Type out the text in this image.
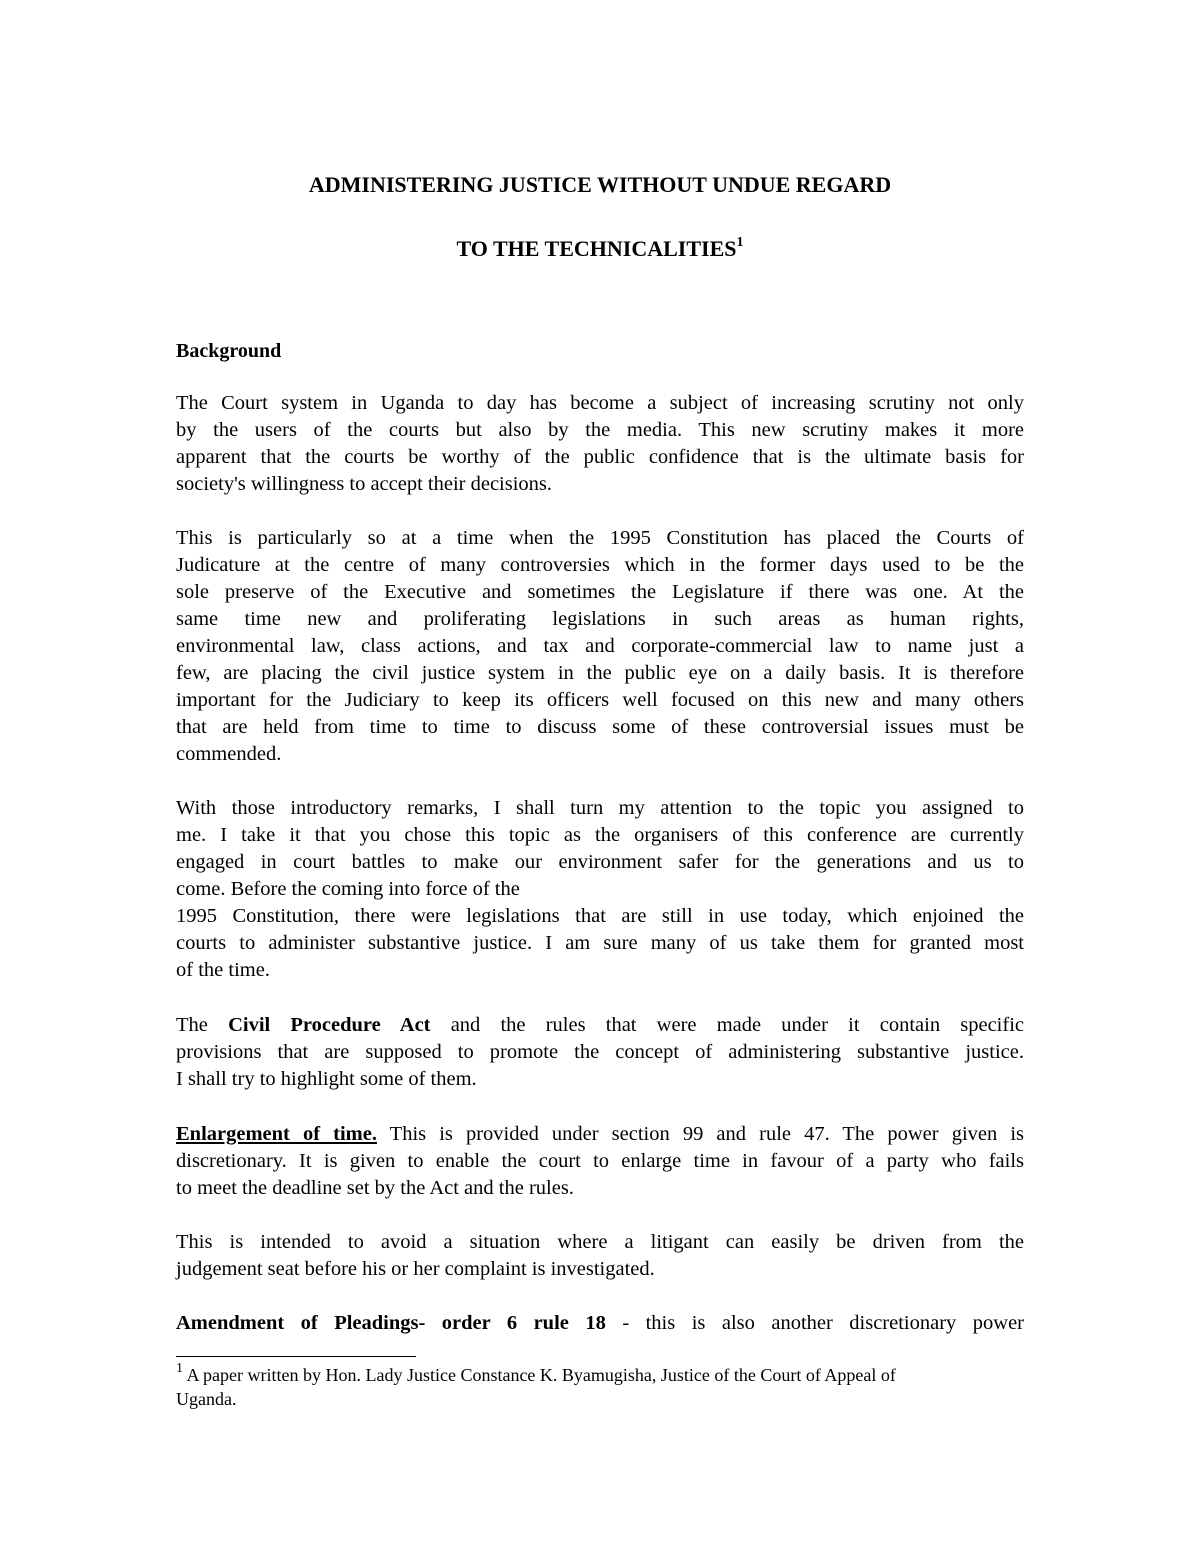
ADMINISTERING JUSTICE WITHOUT UNDUE REGARD
TO THE TECHNICALITIES$^1$
Background
The Court system in Uganda to day has become a subject of increasing scrutiny not only
by the users of the courts but also by the media. This new scrutiny makes it more
apparent that the courts be worthy of the public confidence that is the ultimate basis for
society's willingness to accept their decisions.
This is particularly so at a time when the 1995 Constitution has placed the Courts of
Judicature at the centre of many controversies which in the former days used to be the
sole preserve of the Executive and sometimes the Legislature if there was one. At the
same time new and proliferating legislations in such areas as human rights,
environmental law, class actions, and tax and corporate-commercial law to name just a
few, are placing the civil justice system in the public eye on a daily basis. It is therefore
important for the Judiciary to keep its officers well focused on this new and many others
that are held from time to time to discuss some of these controversial issues must be
commended.
With those introductory remarks, I shall turn my attention to the topic you assigned to
me. I take it that you chose this topic as the organisers of this conference are currently
engaged in court battles to make our environment safer for the generations and us to
come. Before the coming into force of the
1995 Constitution, there were legislations that are still in use today, which enjoined the
courts to administer substantive justice. I am sure many of us take them for granted most
of the time.
The Civil Procedure Act and the rules that were made under it contain specific
provisions that are supposed to promote the concept of administering substantive justice.
I shall try to highlight some of them.
Enlargement of time. This is provided under section 99 and rule 47. The power given is
discretionary. It is given to enable the court to enlarge time in favour of a party who fails
to meet the deadline set by the Act and the rules.
This is intended to avoid a situation where a litigant can easily be driven from the
judgement seat before his or her complaint is investigated.
Amendment of Pleadings- order 6 rule 18 - this is also another discretionary power
$^1$ A paper written by Hon. Lady Justice Constance K. Byamugisha, Justice of the Court of Appeal of
Uganda.
